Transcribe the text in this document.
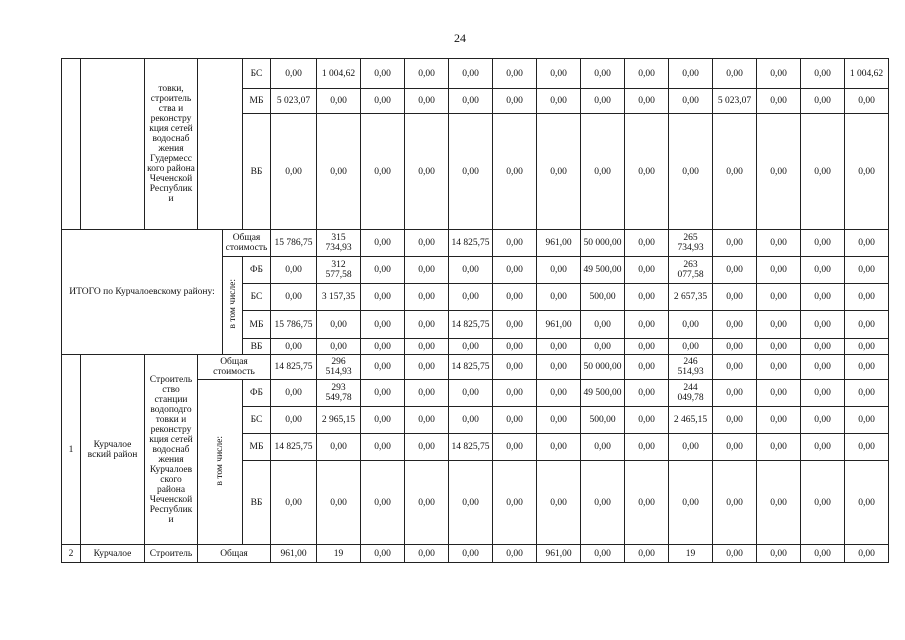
24
		товки, строитель ства и реконстру кция сетей водоснаб жения Гудермесс кого района Чеченской Республик и			БС	0,00	1 004,62	0,00	0,00	0,00	0,00	0,00	0,00	0,00	0,00	0,00	0,00	0,00	1 004,62
					МБ	5 023,07	0,00	0,00	0,00	0,00	0,00	0,00	0,00	0,00	0,00	5 023,07	0,00	0,00	0,00
					ВБ	0,00	0,00	0,00	0,00	0,00	0,00	0,00	0,00	0,00	0,00	0,00	0,00	0,00	0,00
ИТОГО по Курчалоевскому району:				Общая стоимость		15 786,75	315 734,93	0,00	0,00	14 825,75	0,00	961,00	50 000,00	0,00	265 734,93	0,00	0,00	0,00	0,00
				в том числе:	ФБ	0,00	312 577,58	0,00	0,00	0,00	0,00	0,00	49 500,00	0,00	263 077,58	0,00	0,00	0,00	0,00
					БС	0,00	3 157,35	0,00	0,00	0,00	0,00	0,00	500,00	0,00	2 657,35	0,00	0,00	0,00	0,00
					МБ	15 786,75	0,00	0,00	0,00	14 825,75	0,00	961,00	0,00	0,00	0,00	0,00	0,00	0,00	0,00
					ВБ	0,00	0,00	0,00	0,00	0,00	0,00	0,00	0,00	0,00	0,00	0,00	0,00	0,00	0,00
1	Курчалое вский район	Строитель ство станции водоподго товки и реконстру кция сетей водоснаб жения Курчалоев ского района Чеченской Республик и	Общая стоимость			14 825,75	296 514,93	0,00	0,00	14 825,75	0,00	0,00	50 000,00	0,00	246 514,93	0,00	0,00	0,00	0,00
			в том числе:		ФБ	0,00	293 549,78	0,00	0,00	0,00	0,00	0,00	49 500,00	0,00	244 049,78	0,00	0,00	0,00	0,00
					БС	0,00	2 965,15	0,00	0,00	0,00	0,00	0,00	500,00	0,00	2 465,15	0,00	0,00	0,00	0,00
					МБ	14 825,75	0,00	0,00	0,00	14 825,75	0,00	0,00	0,00	0,00	0,00	0,00	0,00	0,00	0,00
					ВБ	0,00	0,00	0,00	0,00	0,00	0,00	0,00	0,00	0,00	0,00	0,00	0,00	0,00	0,00
2	Курчалое	Строитель	Общая			961,00	19	0,00	0,00	0,00	0,00	961,00	0,00	0,00	19	0,00	0,00	0,00	0,00
